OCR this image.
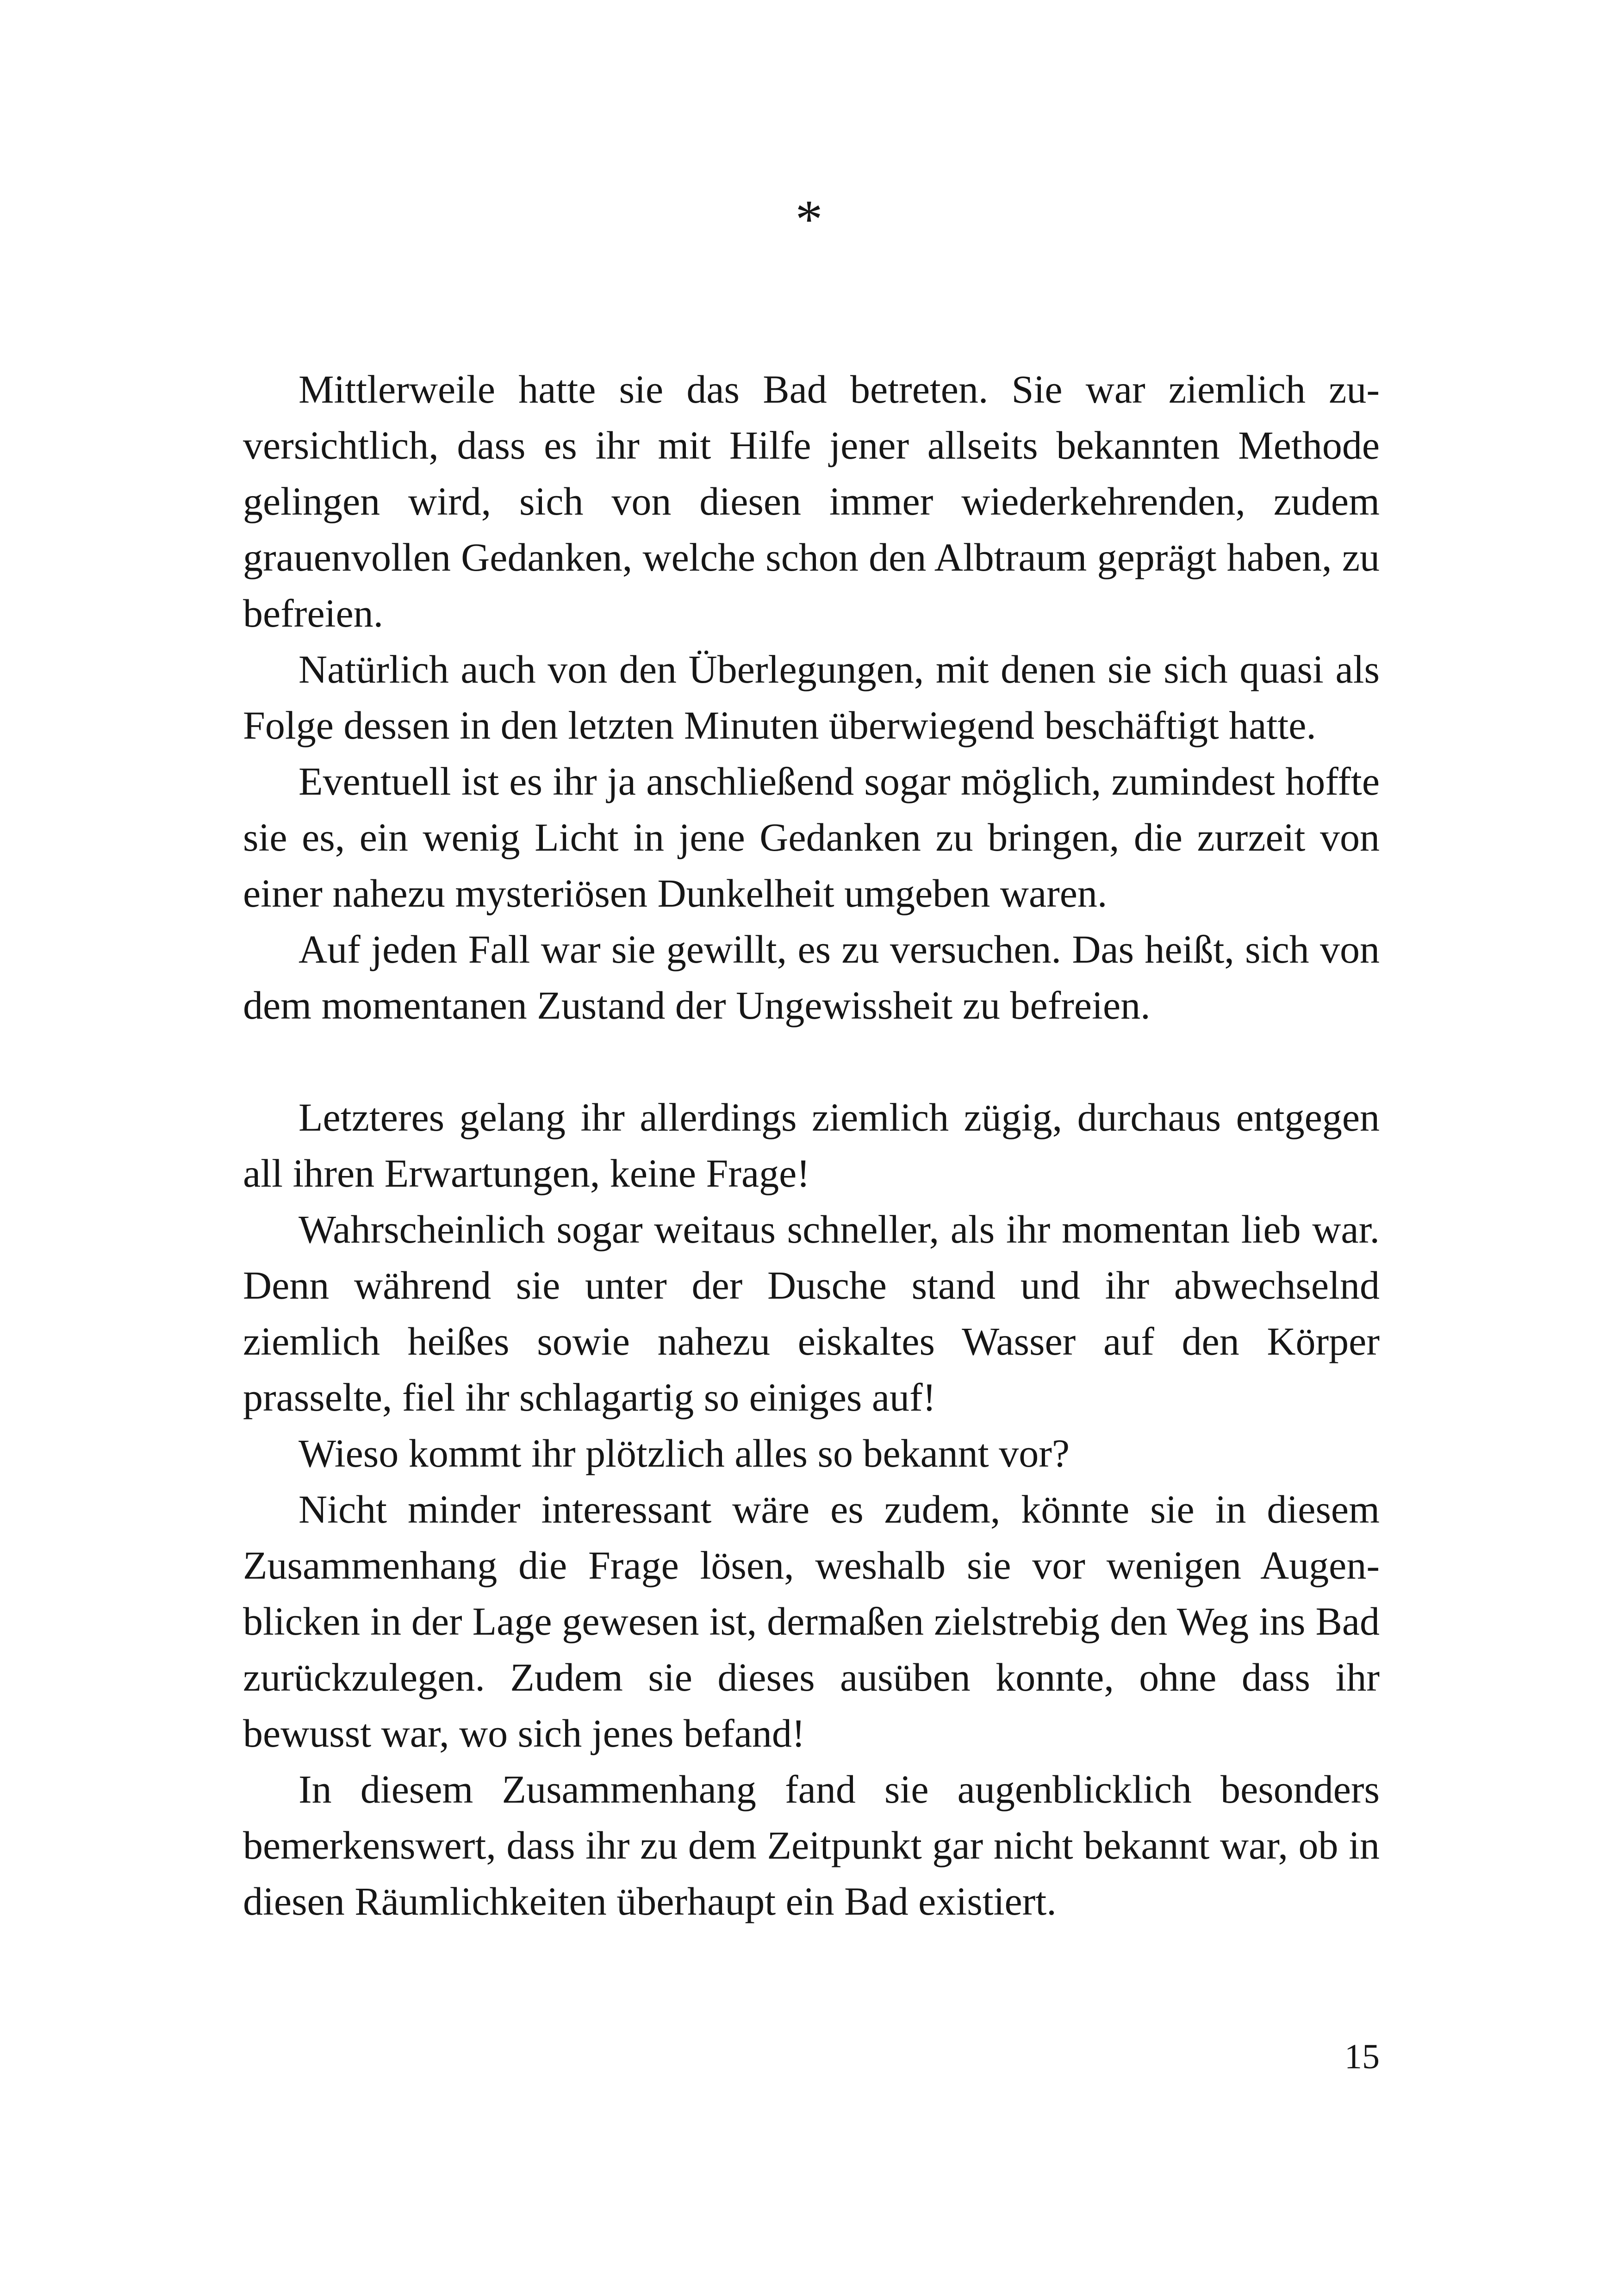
*

Mittlerweile hatte sie das Bad betreten. Sie war ziemlich zuversichtlich, dass es ihr mit Hilfe jener allseits bekannten Methode gelingen wird, sich von diesen immer wiederkehrenden, zudem grauenvollen Gedanken, welche schon den Albtraum geprägt haben, zu befreien.

Natürlich auch von den Überlegungen, mit denen sie sich quasi als Folge dessen in den letzten Minuten überwiegend beschäftigt hatte.

Eventuell ist es ihr ja anschließend sogar möglich, zumindest hoffte sie es, ein wenig Licht in jene Gedanken zu bringen, die zurzeit von einer nahezu mysteriösen Dunkelheit umgeben waren.

Auf jeden Fall war sie gewillt, es zu versuchen. Das heißt, sich von dem momentanen Zustand der Ungewissheit zu befreien.

Letzteres gelang ihr allerdings ziemlich zügig, durchaus entgegen all ihren Erwartungen, keine Frage!

Wahrscheinlich sogar weitaus schneller, als ihr momentan lieb war. Denn während sie unter der Dusche stand und ihr abwechselnd ziemlich heißes sowie nahezu eiskaltes Wasser auf den Körper prasselte, fiel ihr schlagartig so einiges auf!

Wieso kommt ihr plötzlich alles so bekannt vor?

Nicht minder interessant wäre es zudem, könnte sie in diesem Zusammenhang die Frage lösen, weshalb sie vor wenigen Augenblicken in der Lage gewesen ist, dermaßen zielstrebig den Weg ins Bad zurückzulegen. Zudem sie dieses ausüben konnte, ohne dass ihr bewusst war, wo sich jenes befand!

In diesem Zusammenhang fand sie augenblicklich besonders bemerkenswert, dass ihr zu dem Zeitpunkt gar nicht bekannt war, ob in diesen Räumlichkeiten überhaupt ein Bad existiert.

15
